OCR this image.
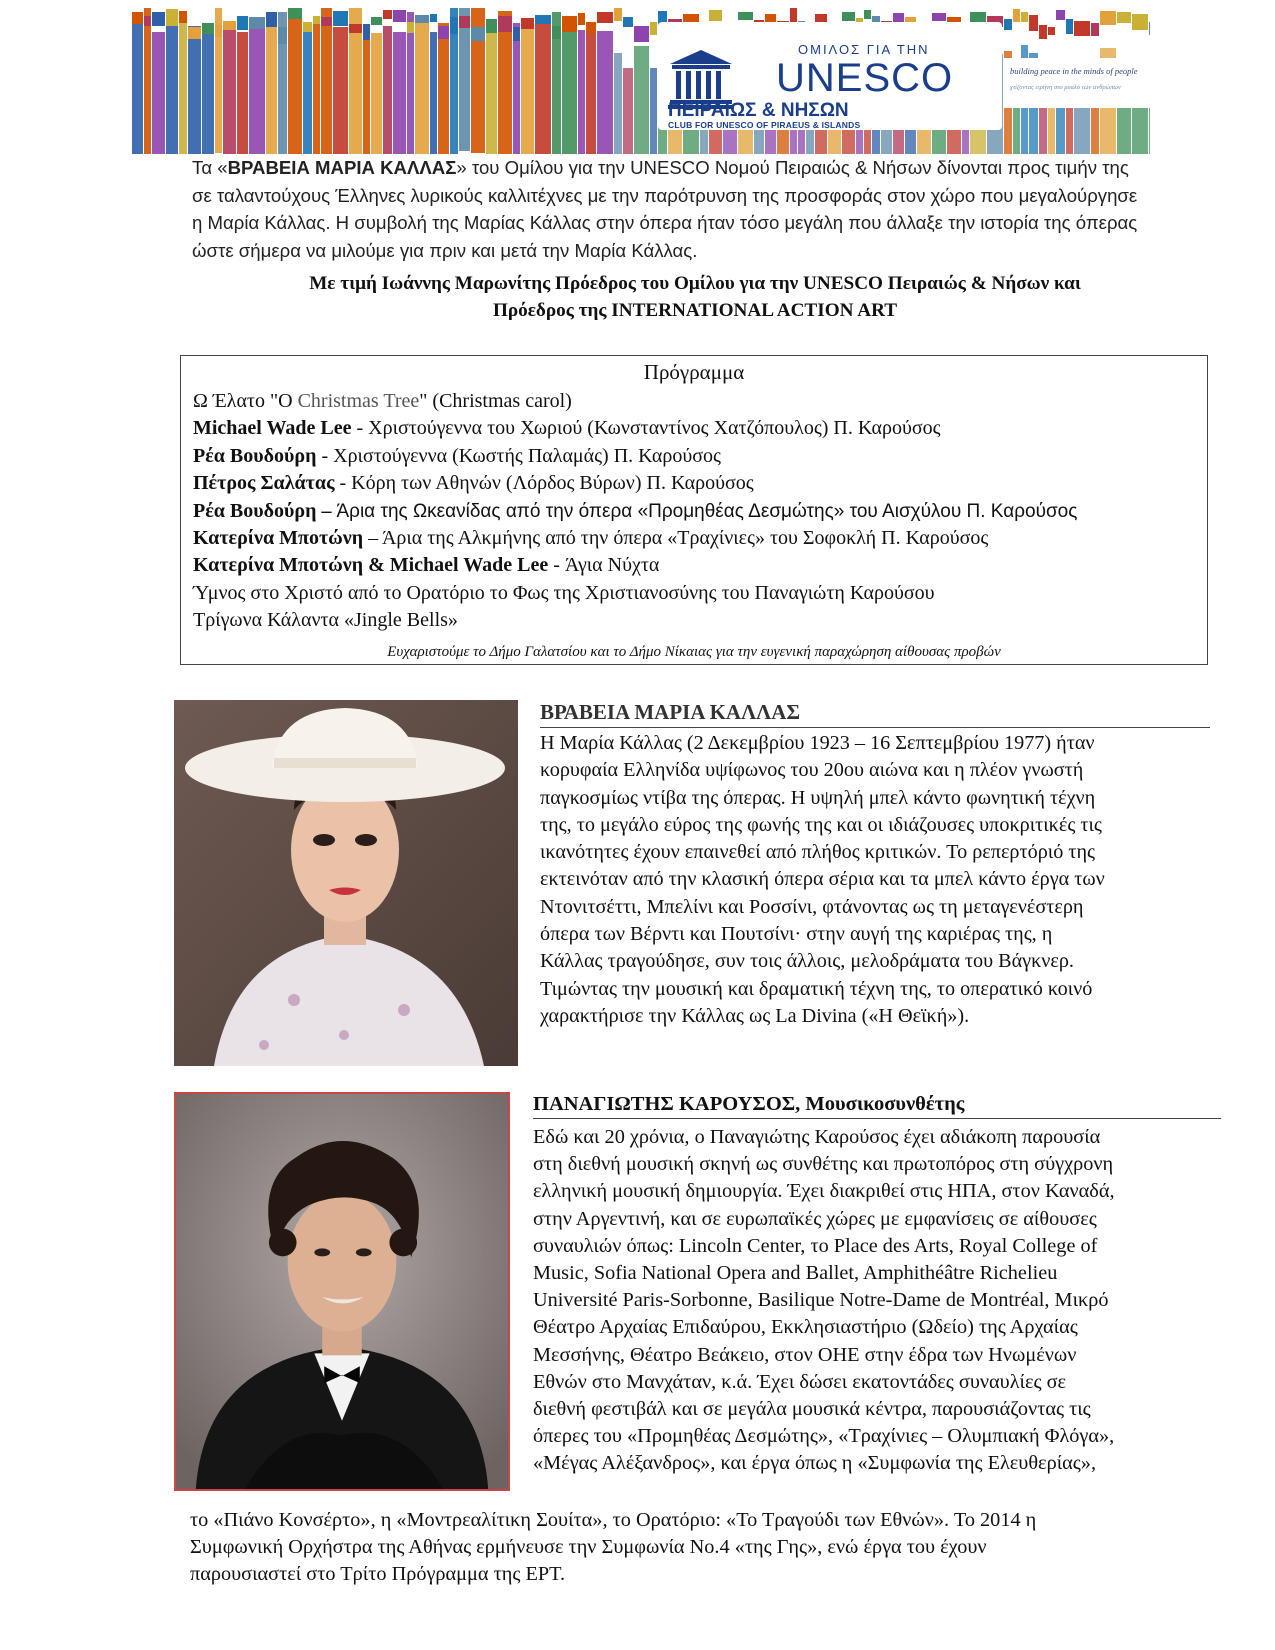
ΟΜΙΛΟΣ ΓΙΑ ΤΗΝ
UNESCO
ΠΕΙΡΑΙΩΣ & ΝΗΣΩΝ
CLUB FOR UNESCO OF PIRAEUS & ISLANDS
building peace in the minds of people
χτίζοντας ειρήνη στο μυαλό των ανθρώπων
Τα «ΒΡΑΒΕΙΑ ΜΑΡΙΑ ΚΑΛΛΑΣ» του Ομίλου για την UNESCO Νομού Πειραιώς & Νήσων δίνονται προς τιμήν της
σε ταλαντούχους Έλληνες λυρικούς καλλιτέχνες με την παρότρυνση της προσφοράς στον χώρο που μεγαλούργησε
η Μαρία Κάλλας. Η συμβολή της Μαρίας Κάλλας στην όπερα ήταν τόσο μεγάλη που άλλαξε την ιστορία της όπερας
ώστε σήμερα να μιλούμε για πριν και μετά την Μαρία Κάλλας.
Με τιμή Ιωάννης Μαρωνίτης Πρόεδρος του Ομίλου για την UNESCO Πειραιώς & Νήσων και
Πρόεδρος της INTERNATIONAL ACTION ART
Πρόγραμμα
Ω Έλατο "O Christmas Tree" (Christmas carol)
Michael Wade Lee - Χριστούγεννα του Χωριού (Κωνσταντίνος Χατζόπουλος) Π. Καρούσος
Ρέα Βουδούρη - Χριστούγεννα (Κωστής Παλαμάς) Π. Καρούσος
Πέτρος Σαλάτας - Κόρη των Αθηνών (Λόρδος Βύρων) Π. Καρούσος
Ρέα Βουδούρη – Άρια της Ωκεανίδας από την όπερα «Προμηθέας Δεσμώτης» του Αισχύλου Π. Καρούσος
Κατερίνα Μποτώνη – Άρια της Αλκμήνης από την όπερα «Τραχίνιες» του Σοφοκλή Π. Καρούσος
Κατερίνα Μποτώνη & Michael Wade Lee - Άγια Νύχτα
Ύμνος στο Χριστό από το Ορατόριο το Φως της Χριστιανοσύνης του Παναγιώτη Καρούσου
Τρίγωνα Κάλαντα «Jingle Bells»
Ευχαριστούμε το Δήμο Γαλατσίου και το Δήμο Νίκαιας για την ευγενική παραχώρηση αίθουσας προβών
ΒΡΑΒΕΙΑ ΜΑΡΙΑ ΚΑΛΛΑΣ
Η Μαρία Κάλλας (2 Δεκεμβρίου 1923 – 16 Σεπτεμβρίου 1977) ήταν
κορυφαία Ελληνίδα υψίφωνος του 20ου αιώνα και η πλέον γνωστή
παγκοσμίως ντίβα της όπερας. Η υψηλή μπελ κάντο φωνητική τέχνη
της, το μεγάλο εύρος της φωνής της και οι ιδιάζουσες υποκριτικές τις
ικανότητες έχουν επαινεθεί από πλήθος κριτικών. Το ρεπερτόριό της
εκτεινόταν από την κλασική όπερα σέρια και τα μπελ κάντο έργα των
Ντονιτσέττι, Μπελίνι και Ροσσίνι, φτάνοντας ως τη μεταγενέστερη
όπερα των Βέρντι και Πουτσίνι· στην αυγή της καριέρας της, η
Κάλλας τραγούδησε, συν τοις άλλοις, μελοδράματα του Βάγκνερ.
Τιμώντας την μουσική και δραματική τέχνη της, το οπερατικό κοινό
χαρακτήρισε την Κάλλας ως La Divina («Η Θεϊκή»).
ΠΑΝΑΓΙΩΤΗΣ ΚΑΡΟΥΣΟΣ, Μουσικοσυνθέτης
Εδώ και 20 χρόνια, ο Παναγιώτης Καρούσος έχει αδιάκοπη παρουσία
στη διεθνή μουσική σκηνή ως συνθέτης και πρωτοπόρος στη σύγχρονη
ελληνική μουσική δημιουργία. Έχει διακριθεί στις ΗΠΑ, στον Καναδά,
στην Αργεντινή, και σε ευρωπαϊκές χώρες με εμφανίσεις σε αίθουσες
συναυλιών όπως: Lincoln Center, το Place des Arts, Royal College of
Music, Sofia National Opera and Ballet, Amphithéâtre Richelieu
Université Paris-Sorbonne, Basilique Notre-Dame de Montréal, Μικρό
Θέατρο Αρχαίας Επιδαύρου, Εκκλησιαστήριο (Ωδείο) της Αρχαίας
Μεσσήνης, Θέατρο Βεάκειο, στον ΟΗΕ στην έδρα των Ηνωμένων
Εθνών στο Μανχάταν, κ.ά. Έχει δώσει εκατοντάδες συναυλίες σε
διεθνή φεστιβάλ και σε μεγάλα μουσικά κέντρα, παρουσιάζοντας τις
όπερες του «Προμηθέας Δεσμώτης», «Τραχίνιες – Ολυμπιακή Φλόγα»,
«Μέγας Αλέξανδρος», και έργα όπως η «Συμφωνία της Ελευθερίας»,
το «Πιάνο Κονσέρτο», η «Μοντρεαλίτικη Σουίτα», το Ορατόριο: «Το Τραγούδι των Εθνών». Το 2014 η
Συμφωνική Ορχήστρα της Αθήνας ερμήνευσε την Συμφωνία Νο.4 «της Γης», ενώ έργα του έχουν
παρουσιαστεί στο Τρίτο Πρόγραμμα της ΕΡΤ.
